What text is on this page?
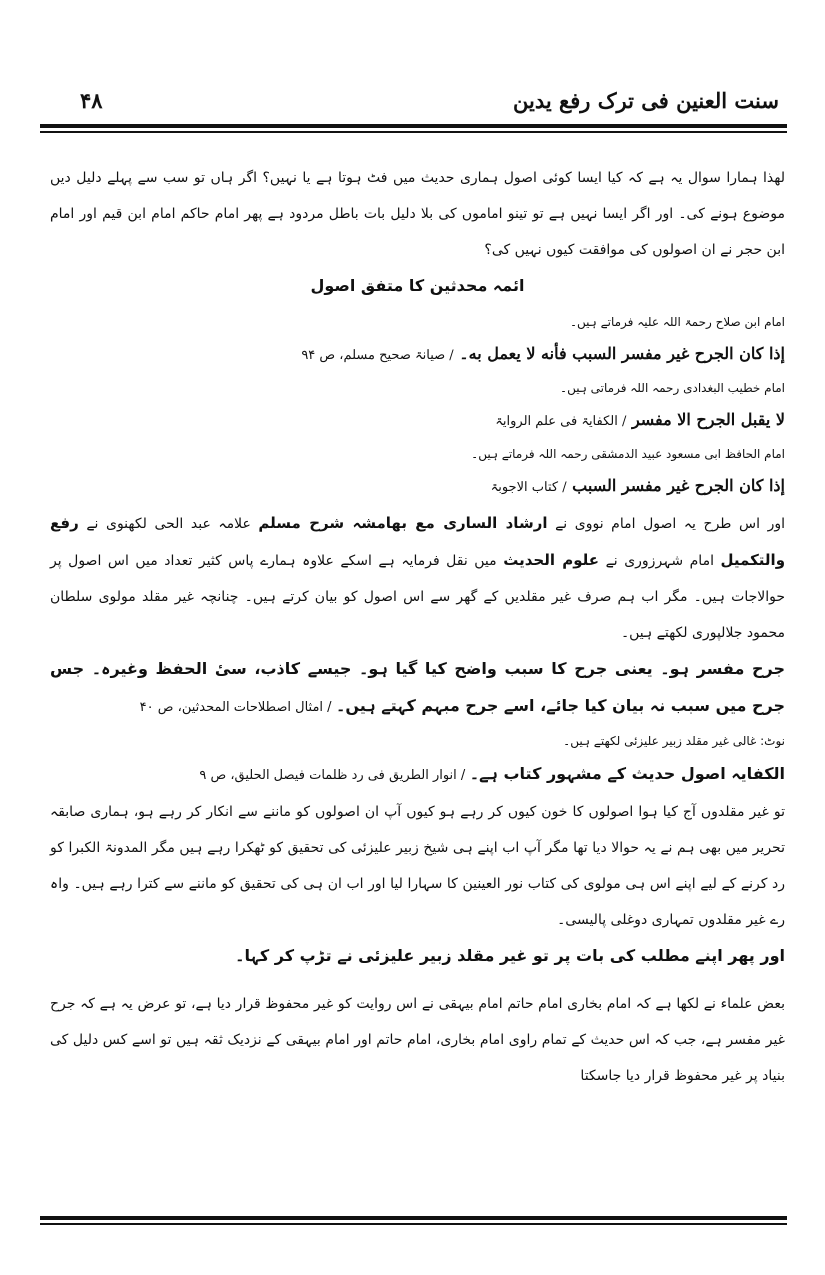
سنت العنین فی ترک رفع یدین
۴۸

لھذا ہمارا سوال یہ ہے کہ کیا ایسا کوئی اصول ہماری حدیث میں فٹ ہوتا ہے یا نہیں؟ اگر ہاں تو سب سے پہلے دلیل دیں موضوع ہونے کی۔ اور اگر ایسا نہیں ہے تو تینو اماموں کی بلا دلیل بات باطل مردود ہے پھر امام حاکم امام ابن قیم اور امام ابن حجر نے ان اصولوں کی موافقت کیوں نہیں کی؟

ائمہ محدثین کا متفق اصول

امام ابن صلاح رحمۃ اللہ علیہ فرماتے ہیں۔

إذا كان الجرح غير مفسر السبب فأنه لا يعمل به۔ / صیانۃ صحیح مسلم، ص ۹۴

امام خطیب البغدادی رحمہ اللہ فرماتی ہیں۔

لا يقبل الجرح الا مفسر / الکفایۃ فی علم الروایۃ

امام الحافظ ابی مسعود عبید الدمشقی رحمہ اللہ فرماتے ہیں۔

إذا كان الجرح غير مفسر السبب / کتاب الاجوبۃ

اور اس طرح یہ اصول امام نووی نے ارشاد الساری مع بھامشہ شرح مسلم علامہ عبد الحی لکھنوی نے رفع والتکمیل امام شہرزوری نے علوم الحدیث میں نقل فرمایہ ہے اسکے علاوہ ہمارے پاس کثیر تعداد میں اس اصول پر حوالاجات ہیں۔ مگر اب ہم صرف غیر مقلدیں کے گھر سے اس اصول کو بیان کرتے ہیں۔ چنانچہ غیر مقلد مولوی سلطان محمود جلالپوری لکھتے ہیں۔

جرح مفسر ہو۔ یعنی جرح کا سبب واضح کیا گیا ہو۔ جیسے کاذب، سیٔ الحفظ وغیرہ۔ جس جرح میں سبب نہ بیان کیا جائے، اسے جرح مبہم کہتے ہیں۔ / امثال اصطلاحات المحدثین، ص ۴۰

نوٹ: غالی غیر مقلد زبیر علیزئی لکھتے ہیں۔

الکفایہ اصول حدیث کے مشہور کتاب ہے۔ / انوار الطریق فی رد ظلمات فیصل الحلیق، ص ۹

تو غیر مقلدوں آج کیا ہوا اصولوں کا خون کیوں کر رہے ہو کیوں آپ ان اصولوں کو ماننے سے انکار کر رہے ہو، ہماری صابقہ تحریر میں بھی ہم نے یہ حوالا دیا تھا مگر آپ اب اپنے ہی شیخ زبیر علیزئی کی تحقیق کو ٹھکرا رہے ہیں مگر المدونۃ الکبرا کو رد کرنے کے لیے اپنے اس ہی مولوی کی کتاب نور العینین کا سہارا لیا اور اب ان ہی کی تحقیق کو ماننے سے کترا رہے ہیں۔ واہ رے غیر مقلدوں تمہاری دوغلی پالیسی۔

اور پھر اپنے مطلب کی بات پر تو غیر مقلد زبیر علیزئی نے تڑپ کر کہا۔

بعض علماء نے لکھا ہے کہ امام بخاری امام حاتم امام بیہقی نے اس روایت کو غیر محفوظ قرار دیا ہے، تو عرض یہ ہے کہ جرح غیر مفسر ہے، جب کہ اس حدیث کے تمام راوی امام بخاری، امام حاتم اور امام بیہقی کے نزدیک ثقہ ہیں تو اسے کس دلیل کی بنیاد پر غیر محفوظ قرار دیا جاسکتا
